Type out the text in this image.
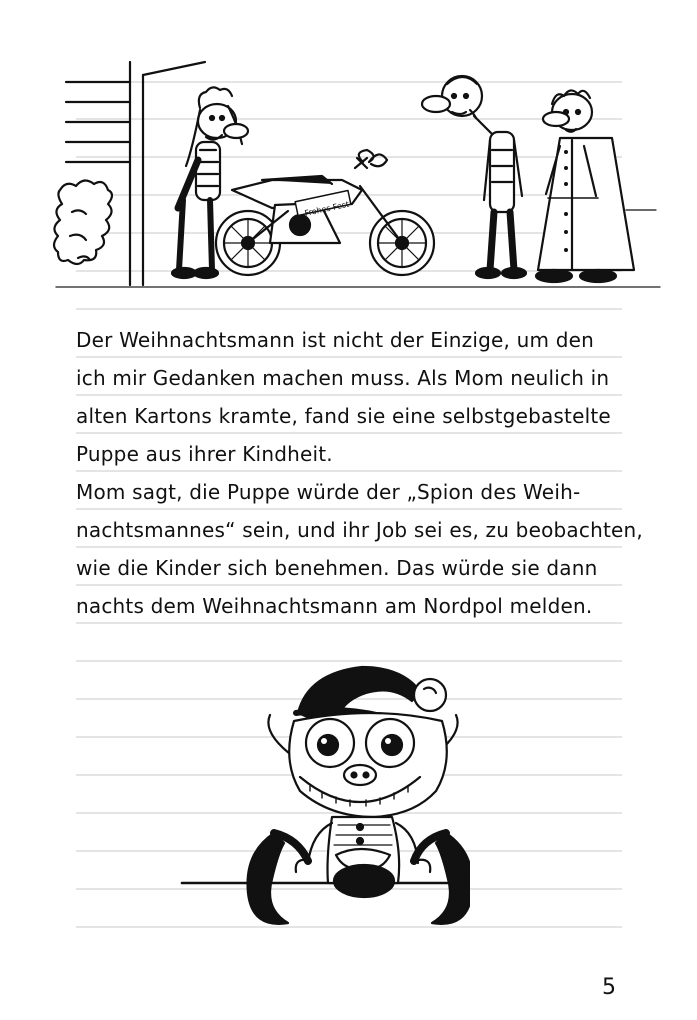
Frohes Fest
Der Weihnachtsmann ist nicht der Einzige, um den
ich mir Gedanken machen muss. Als Mom neulich in
alten Kartons kramte, fand sie eine selbstgebastelte
Puppe aus ihrer Kindheit.
Mom sagt, die Puppe würde der „Spion des Weih-
nachtsmannes“ sein, und ihr Job sei es, zu beobachten,
wie die Kinder sich benehmen. Das würde sie dann
nachts dem Weihnachtsmann am Nordpol melden.
5
